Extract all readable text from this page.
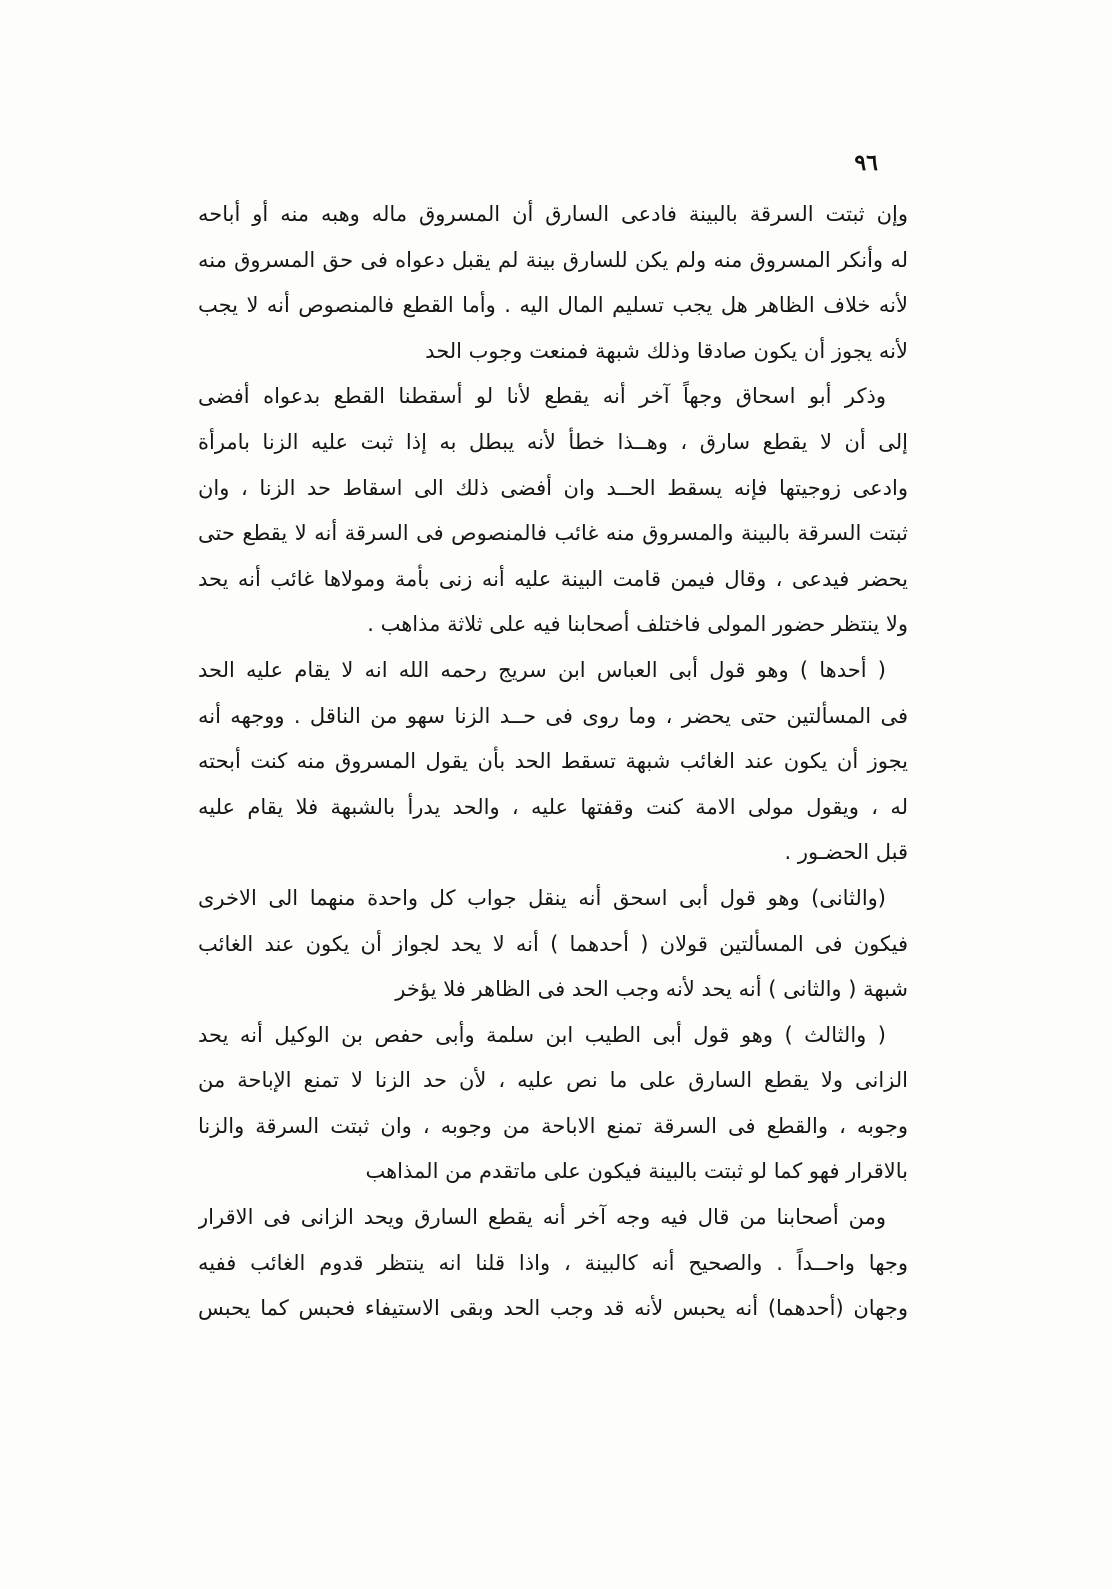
٩٦
وإن ثبتت السرقة بالبينة فادعى السارق أن المسروق ماله وهبه منه أو أباحه
له وأنكر المسروق منه ولم يكن للسارق بينة لم يقبل دعواه فى حق المسروق منه
لأنه خلاف الظاهر هل يجب تسليم المال اليه . وأما القطع فالمنصوص أنه لا يجب
لأنه يجوز أن يكون صادقا وذلك شبهة فمنعت وجوب الحد
وذكر أبو اسحاق وجهاً آخر أنه يقطع لأنا لو أسقطنا القطع بدعواه أفضى
إلى أن لا يقطع سارق ، وهــذا خطأ لأنه يبطل به إذا ثبت عليه الزنا بامرأة
وادعى زوجيتها فإنه يسقط الحــد وان أفضى ذلك الى اسقاط حد الزنا ، وان
ثبتت السرقة بالبينة والمسروق منه غائب فالمنصوص فى السرقة أنه لا يقطع حتى
يحضر فيدعى ، وقال فيمن قامت البينة عليه أنه زنى بأمة ومولاها غائب أنه يحد
ولا ينتظر حضور المولى فاختلف أصحابنا فيه على ثلاثة مذاهب .
( أحدها ) وهو قول أبى العباس ابن سريج رحمه الله انه لا يقام عليه الحد
فى المسألتين حتى يحضر ، وما روى فى حــد الزنا سهو من الناقل . ووجهه أنه
يجوز أن يكون عند الغائب شبهة تسقط الحد بأن يقول المسروق منه كنت أبحته
له ، ويقول مولى الامة كنت وقفتها عليه ، والحد يدرأ بالشبهة فلا يقام عليه
قبل الحضـور .
(والثانى) وهو قول أبى اسحق أنه ينقل جواب كل واحدة منهما الى الاخرى
فيكون فى المسألتين قولان ( أحدهما ) أنه لا يحد لجواز أن يكون عند الغائب
شبهة ( والثانى ) أنه يحد لأنه وجب الحد فى الظاهر فلا يؤخر
( والثالث ) وهو قول أبى الطيب ابن سلمة وأبى حفص بن الوكيل أنه يحد
الزانى ولا يقطع السارق على ما نص عليه ، لأن حد الزنا لا تمنع الإباحة من
وجوبه ، والقطع فى السرقة تمنع الاباحة من وجوبه ، وان ثبتت السرقة والزنا
بالاقرار فهو كما لو ثبتت بالبينة فيكون على ماتقدم من المذاهب
ومن أصحابنا من قال فيه وجه آخر أنه يقطع السارق ويحد الزانى فى الاقرار
وجها واحــداً . والصحيح أنه كالبينة ، واذا قلنا انه ينتظر قدوم الغائب ففيه
وجهان (أحدهما) أنه يحبس لأنه قد وجب الحد وبقى الاستيفاء فحبس كما يحبس
